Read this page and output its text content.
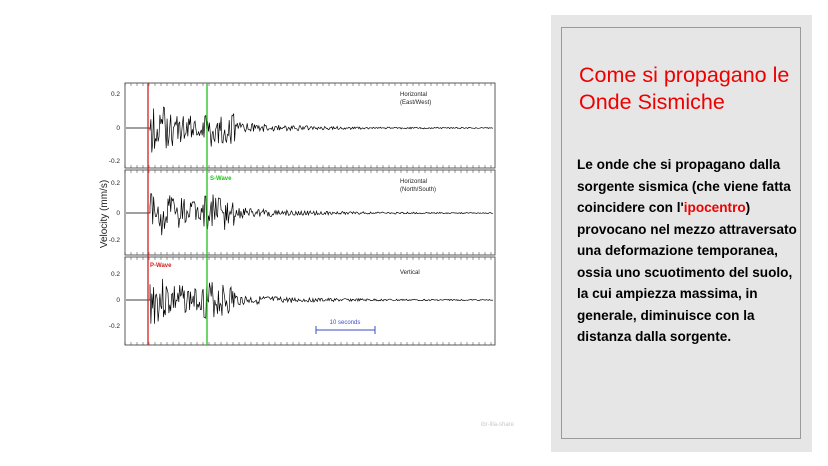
Velocity (mm/s)
0.2
0
-0.2
Horizontal
(East/West)
0.2
0
-0.2
Horizontal
(North/South)
0.2
0
-0.2
Vertical
S-Wave
P-Wave
10 seconds
ibr-lila-share
Come si propagano le Onde Sismiche
Le onde che si propagano dalla sorgente sismica (che viene fatta coincidere con l'ipocentro) provocano nel mezzo attraversato una deformazione temporanea, ossia uno scuotimento del suolo, la cui ampiezza massima, in generale, diminuisce con la distanza dalla sorgente.
